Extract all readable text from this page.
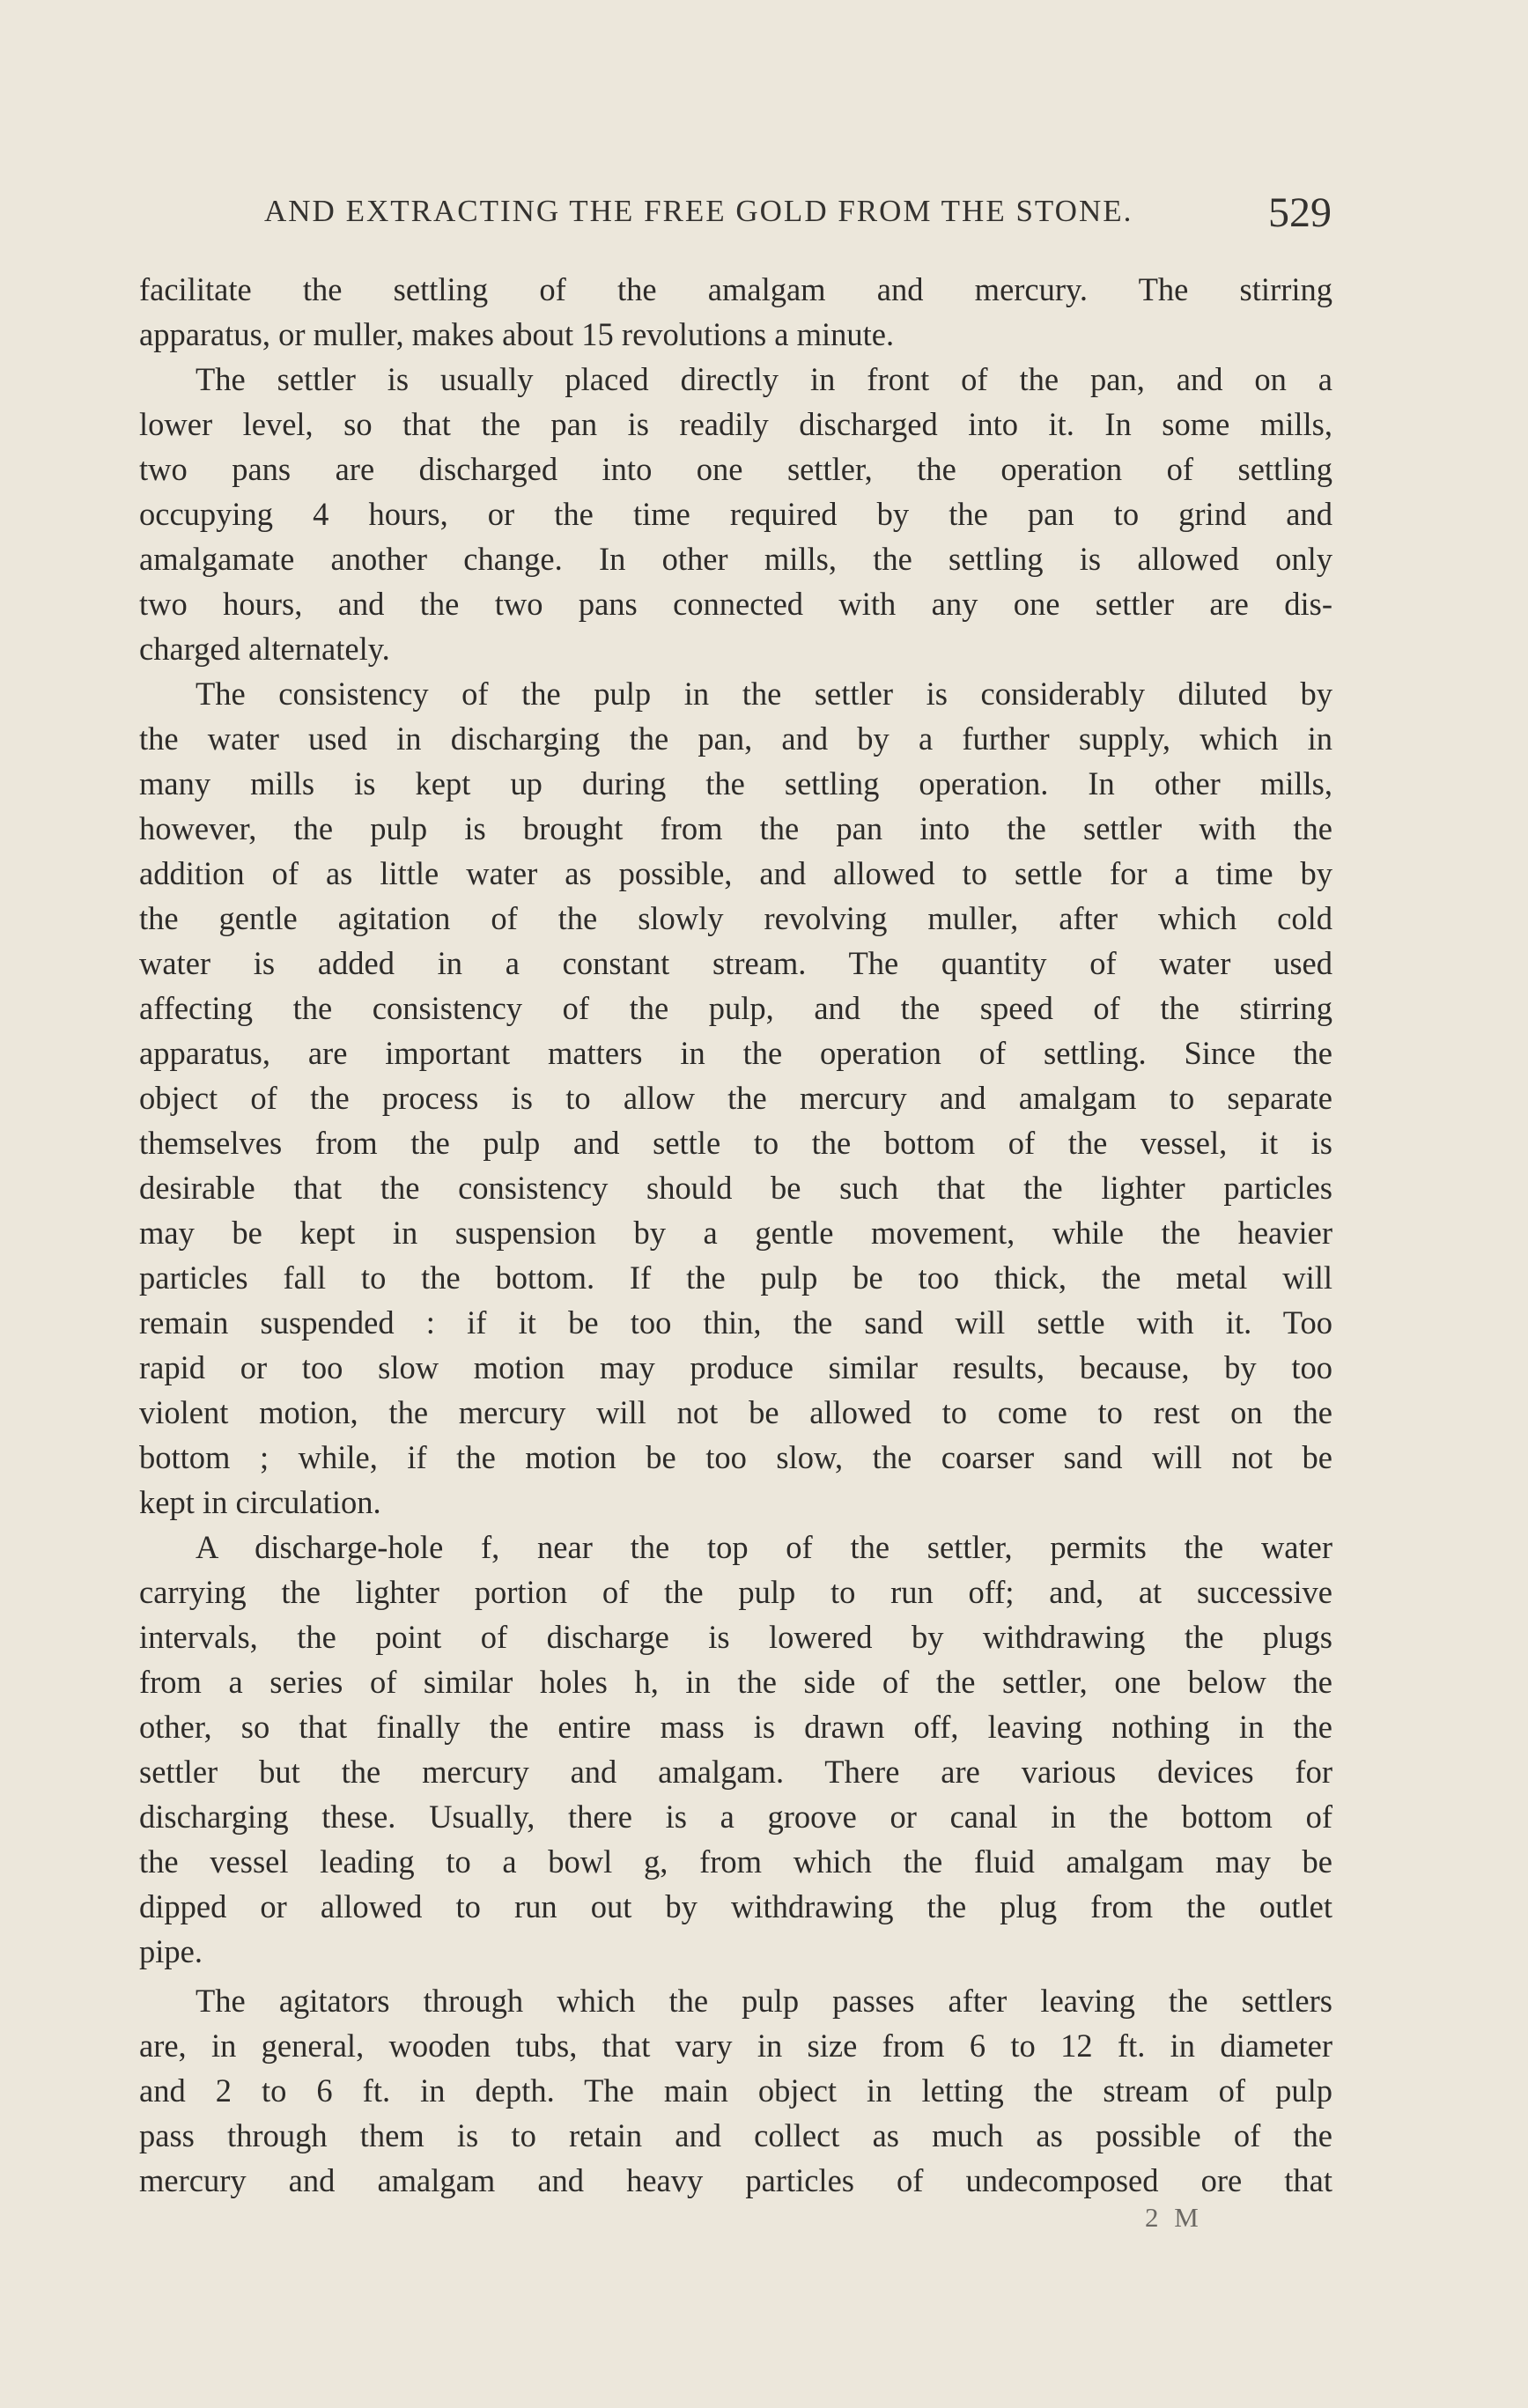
AND EXTRACTING THE FREE GOLD FROM THE STONE.	529
facilitate the settling of the amalgam and mercury. The stirring
apparatus, or muller, makes about 15 revolutions a minute.
The settler is usually placed directly in front of the pan, and on a
lower level, so that the pan is readily discharged into it. In some mills,
two pans are discharged into one settler, the operation of settling
occupying 4 hours, or the time required by the pan to grind and
amalgamate another change. In other mills, the settling is allowed only
two hours, and the two pans connected with any one settler are dis-
charged alternately.
The consistency of the pulp in the settler is considerably diluted by
the water used in discharging the pan, and by a further supply, which in
many mills is kept up during the settling operation. In other mills,
however, the pulp is brought from the pan into the settler with the
addition of as little water as possible, and allowed to settle for a time by
the gentle agitation of the slowly revolving muller, after which cold
water is added in a constant stream. The quantity of water used
affecting the consistency of the pulp, and the speed of the stirring
apparatus, are important matters in the operation of settling. Since the
object of the process is to allow the mercury and amalgam to separate
themselves from the pulp and settle to the bottom of the vessel, it is
desirable that the consistency should be such that the lighter particles
may be kept in suspension by a gentle movement, while the heavier
particles fall to the bottom. If the pulp be too thick, the metal will
remain suspended : if it be too thin, the sand will settle with it. Too
rapid or too slow motion may produce similar results, because, by too
violent motion, the mercury will not be allowed to come to rest on the
bottom ; while, if the motion be too slow, the coarser sand will not be
kept in circulation.
A discharge-hole f, near the top of the settler, permits the water
carrying the lighter portion of the pulp to run off; and, at successive
intervals, the point of discharge is lowered by withdrawing the plugs
from a series of similar holes h, in the side of the settler, one below the
other, so that finally the entire mass is drawn off, leaving nothing in the
settler but the mercury and amalgam. There are various devices for
discharging these. Usually, there is a groove or canal in the bottom of
the vessel leading to a bowl g, from which the fluid amalgam may be
dipped or allowed to run out by withdrawing the plug from the outlet
pipe.
The agitators through which the pulp passes after leaving the settlers
are, in general, wooden tubs, that vary in size from 6 to 12 ft. in diameter
and 2 to 6 ft. in depth. The main object in letting the stream of pulp
pass through them is to retain and collect as much as possible of the
mercury and amalgam and heavy particles of undecomposed ore that
2 M
